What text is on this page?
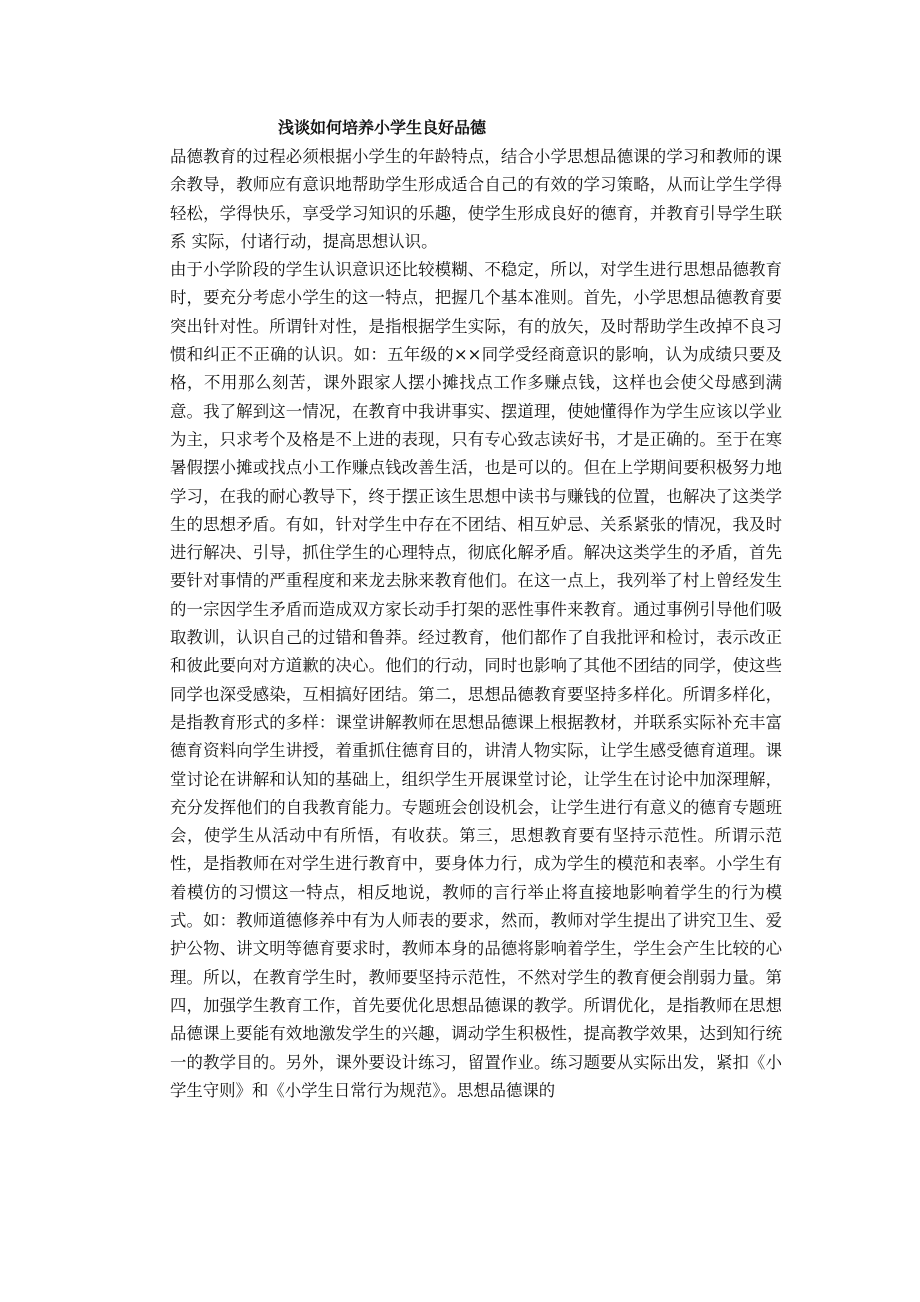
浅谈如何培养小学生良好品德

品德教育的过程必须根据小学生的年龄特点，结合小学思想品德课的学习和教师的课余教导，教师应有意识地帮助学生形成适合自己的有效的学习策略，从而让学生学得轻松，学得快乐，享受学习知识的乐趣，使学生形成良好的德育，并教育引导学生联系 实际，付诸行动，提高思想认识。

由于小学阶段的学生认识意识还比较模糊、不稳定，所以，对学生进行思想品德教育时，要充分考虑小学生的这一特点，把握几个基本准则。首先，小学思想品德教育要突出针对性。所谓针对性，是指根据学生实际，有的放矢，及时帮助学生改掉不良习惯和纠正不正确的认识。如：五年级的××同学受经商意识的影响，认为成绩只要及格，不用那么刻苦，课外跟家人摆小摊找点工作多赚点钱，这样也会使父母感到满意。我了解到这一情况，在教育中我讲事实、摆道理，使她懂得作为学生应该以学业为主，只求考个及格是不上进的表现，只有专心致志读好书，才是正确的。至于在寒暑假摆小摊或找点小工作赚点钱改善生活，也是可以的。但在上学期间要积极努力地学习，在我的耐心教导下，终于摆正该生思想中读书与赚钱的位置，也解决了这类学生的思想矛盾。有如，针对学生中存在不团结、相互妒忌、关系紧张的情况，我及时进行解决、引导，抓住学生的心理特点，彻底化解矛盾。解决这类学生的矛盾，首先要针对事情的严重程度和来龙去脉来教育他们。在这一点上，我列举了村上曾经发生的一宗因学生矛盾而造成双方家长动手打架的恶性事件来教育。通过事例引导他们吸取教训，认识自己的过错和鲁莽。经过教育，他们都作了自我批评和检讨，表示改正和彼此要向对方道歉的决心。他们的行动，同时也影响了其他不团结的同学，使这些同学也深受感染，互相搞好团结。第二，思想品德教育要坚持多样化。所谓多样化，是指教育形式的多样：课堂讲解教师在思想品德课上根据教材，并联系实际补充丰富德育资料向学生讲授，着重抓住德育目的，讲清人物实际，让学生感受德育道理。课堂讨论在讲解和认知的基础上，组织学生开展课堂讨论，让学生在讨论中加深理解，充分发挥他们的自我教育能力。专题班会创设机会，让学生进行有意义的德育专题班会，使学生从活动中有所悟，有收获。第三，思想教育要有坚持示范性。所谓示范性，是指教师在对学生进行教育中，要身体力行，成为学生的模范和表率。小学生有着模仿的习惯这一特点，相反地说，教师的言行举止将直接地影响着学生的行为模式。如：教师道德修养中有为人师表的要求，然而，教师对学生提出了讲究卫生、爱护公物、讲文明等德育要求时，教师本身的品德将影响着学生，学生会产生比较的心理。所以，在教育学生时，教师要坚持示范性，不然对学生的教育便会削弱力量。第四，加强学生教育工作，首先要优化思想品德课的教学。所谓优化，是指教师在思想品德课上要能有效地激发学生的兴趣，调动学生积极性，提高教学效果，达到知行统一的教学目的。另外，课外要设计练习，留置作业。练习题要从实际出发，紧扣《小学生守则》和《小学生日常行为规范》。思想品德课的
